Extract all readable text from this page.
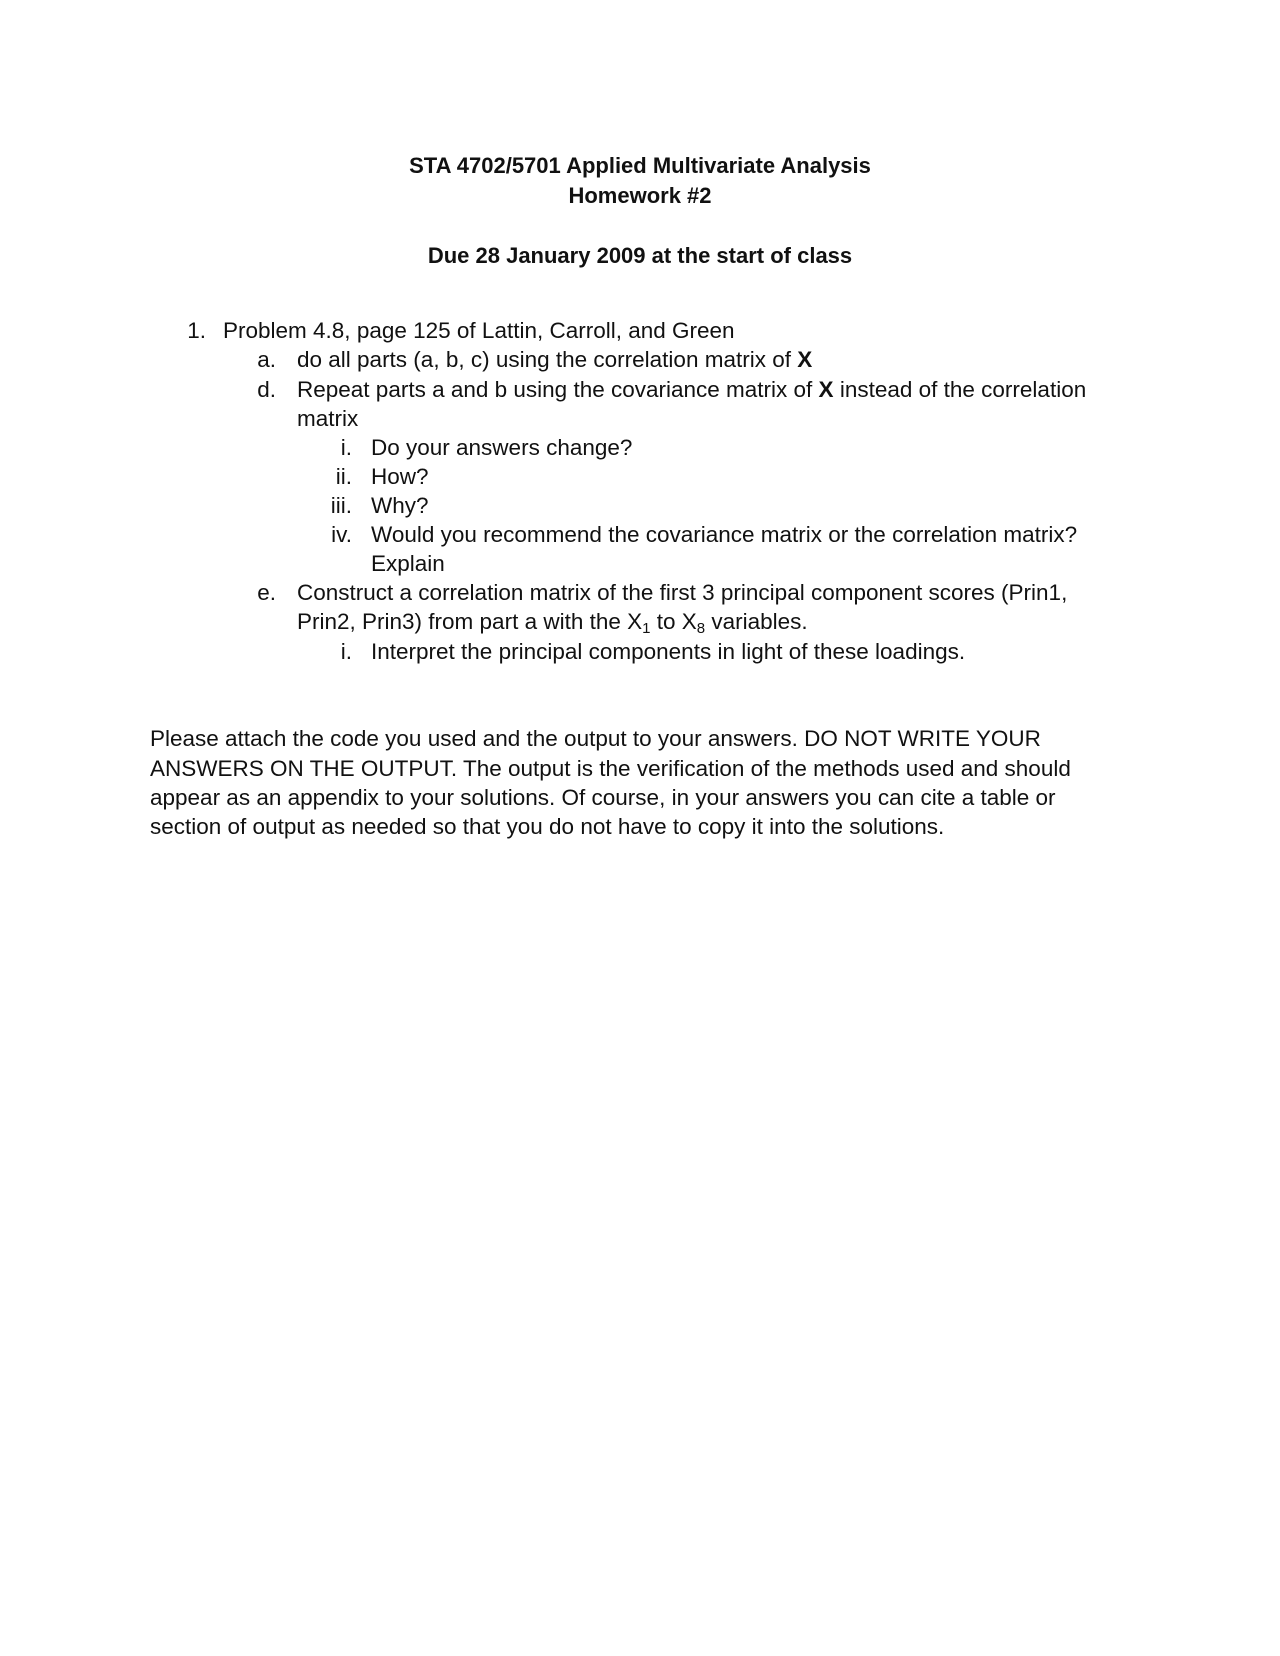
STA 4702/5701 Applied Multivariate Analysis
Homework #2
Due 28 January 2009 at the start of class
1. Problem 4.8, page 125 of Lattin, Carroll, and Green
a. do all parts (a, b, c) using the correlation matrix of X
d. Repeat parts a and b using the covariance matrix of X instead of the correlation
matrix
i. Do your answers change?
ii. How?
iii. Why?
iv. Would you recommend the covariance matrix or the correlation matrix?
Explain
e. Construct a correlation matrix of the first 3 principal component scores (Prin1,
Prin2, Prin3) from part a with the $X_1$ to $X_8$ variables.
i. Interpret the principal components in light of these loadings.
Please attach the code you used and the output to your answers. DO NOT WRITE YOUR
ANSWERS ON THE OUTPUT. The output is the verification of the methods used and should
appear as an appendix to your solutions. Of course, in your answers you can cite a table or
section of output as needed so that you do not have to copy it into the solutions.
